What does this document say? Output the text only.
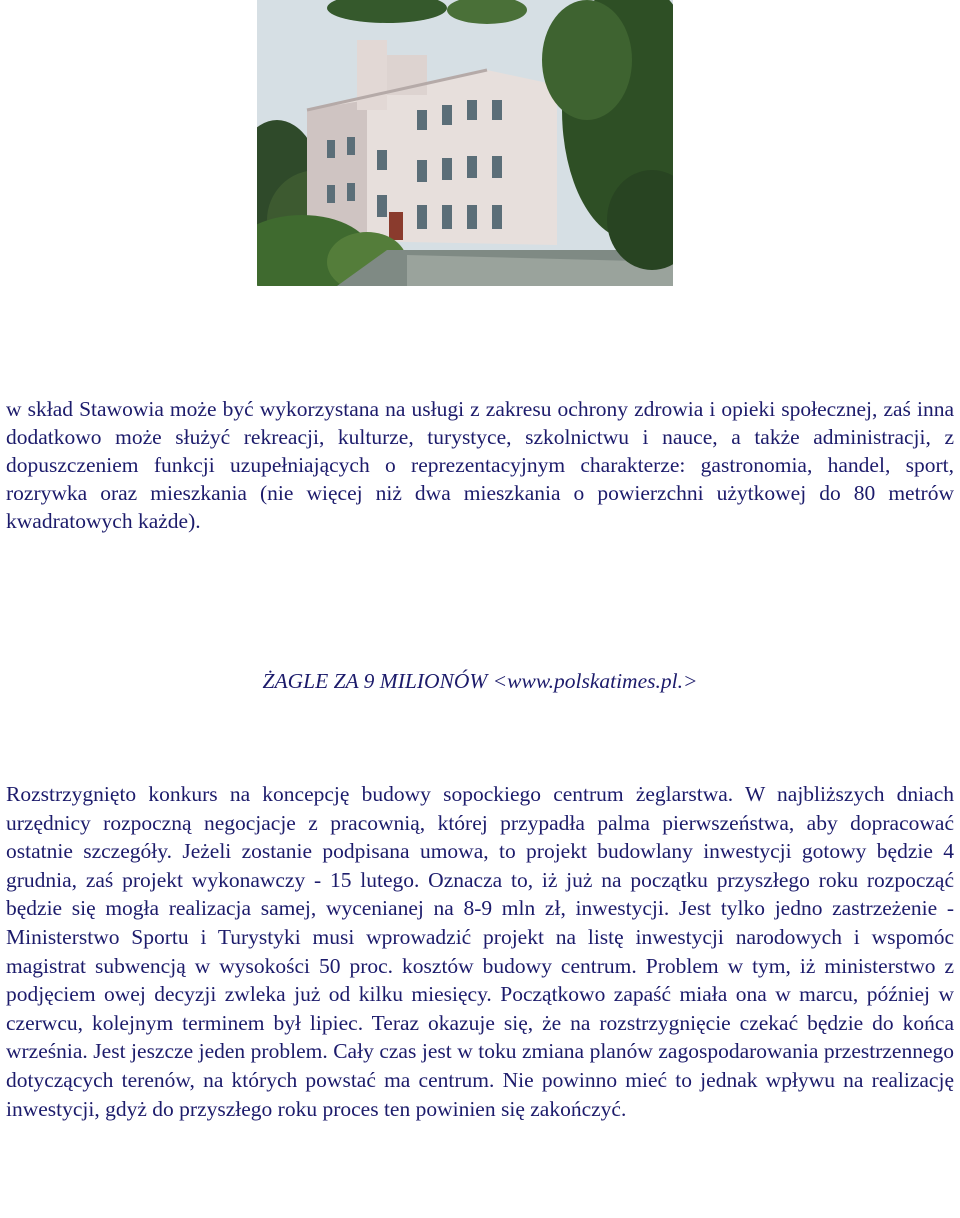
w skład Stawowia może być wykorzystana na usługi z zakresu ochrony zdrowia i opieki społecznej, zaś inna dodatkowo może służyć rekreacji, kulturze, turystyce, szkolnictwu i nauce, a także administracji, z dopuszczeniem funkcji uzupełniających o reprezentacyjnym charakterze: gastronomia, handel, sport, rozrywka oraz mieszkania (nie więcej niż dwa mieszkania o powierzchni użytkowej do 80 metrów kwadratowych każde).

ŻAGLE ZA 9 MILIONÓW <www.polskatimes.pl.>

Rozstrzygnięto konkurs na koncepcję budowy sopockiego centrum żeglarstwa. W najbliższych dniach urzędnicy rozpoczną negocjacje z pracownią, której przypadła palma pierwszeństwa, aby dopracować ostatnie szczegóły. Jeżeli zostanie podpisana umowa, to projekt budowlany inwestycji gotowy będzie 4 grudnia, zaś projekt wykonawczy - 15 lutego. Oznacza to, iż już na początku przyszłego roku rozpocząć będzie się mogła realizacja samej, wycenianej na 8-9 mln zł, inwestycji. Jest tylko jedno zastrzeżenie - Ministerstwo Sportu i Turystyki musi wprowadzić projekt na listę inwestycji narodowych i wspomóc magistrat subwencją w wysokości 50 proc. kosztów budowy centrum. Problem w tym, iż ministerstwo z podjęciem owej decyzji zwleka już od kilku miesięcy. Początkowo zapaść miała ona w marcu, później w czerwcu, kolejnym terminem był lipiec. Teraz okazuje się, że na rozstrzygnięcie czekać będzie do końca września. Jest jeszcze jeden problem. Cały czas jest w toku zmiana planów zagospodarowania przestrzennego dotyczących terenów, na których powstać ma centrum. Nie powinno mieć to jednak wpływu na realizację inwestycji, gdyż do przyszłego roku proces ten powinien się zakończyć.
